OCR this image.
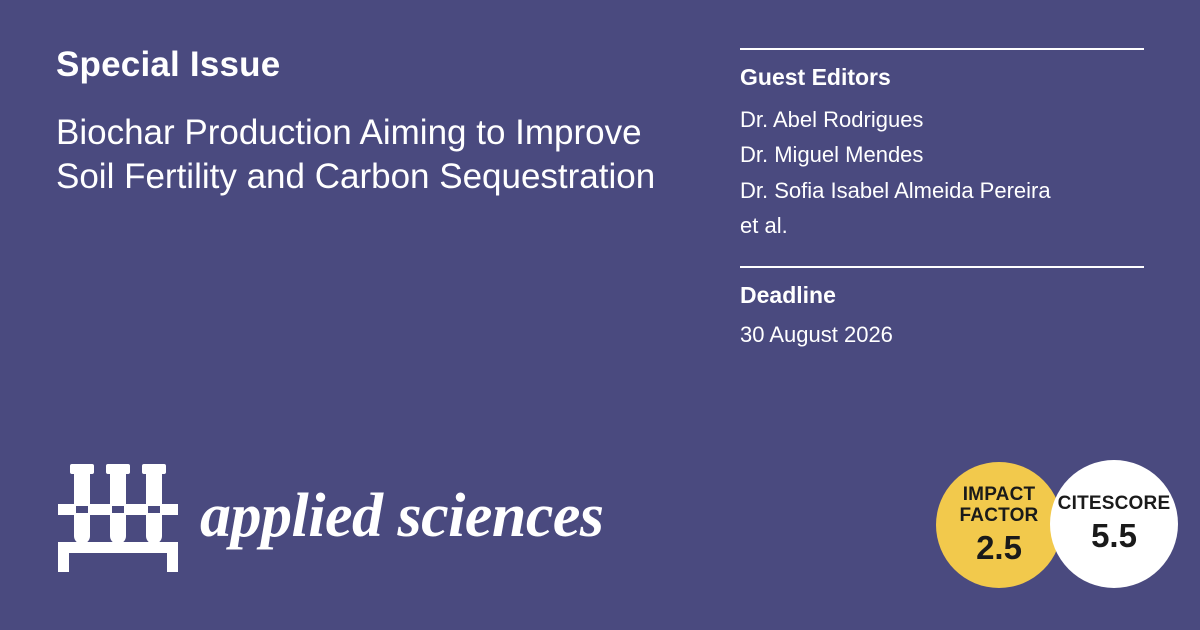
Special Issue
Biochar Production Aiming to Improve Soil Fertility and Carbon Sequestration
Guest Editors
Dr. Abel Rodrigues
Dr. Miguel Mendes
Dr. Sofia Isabel Almeida Pereira
et al.
Deadline
30 August 2026
applied sciences	IMPACT
FACTOR
2.5
CITESCORE
5.5
